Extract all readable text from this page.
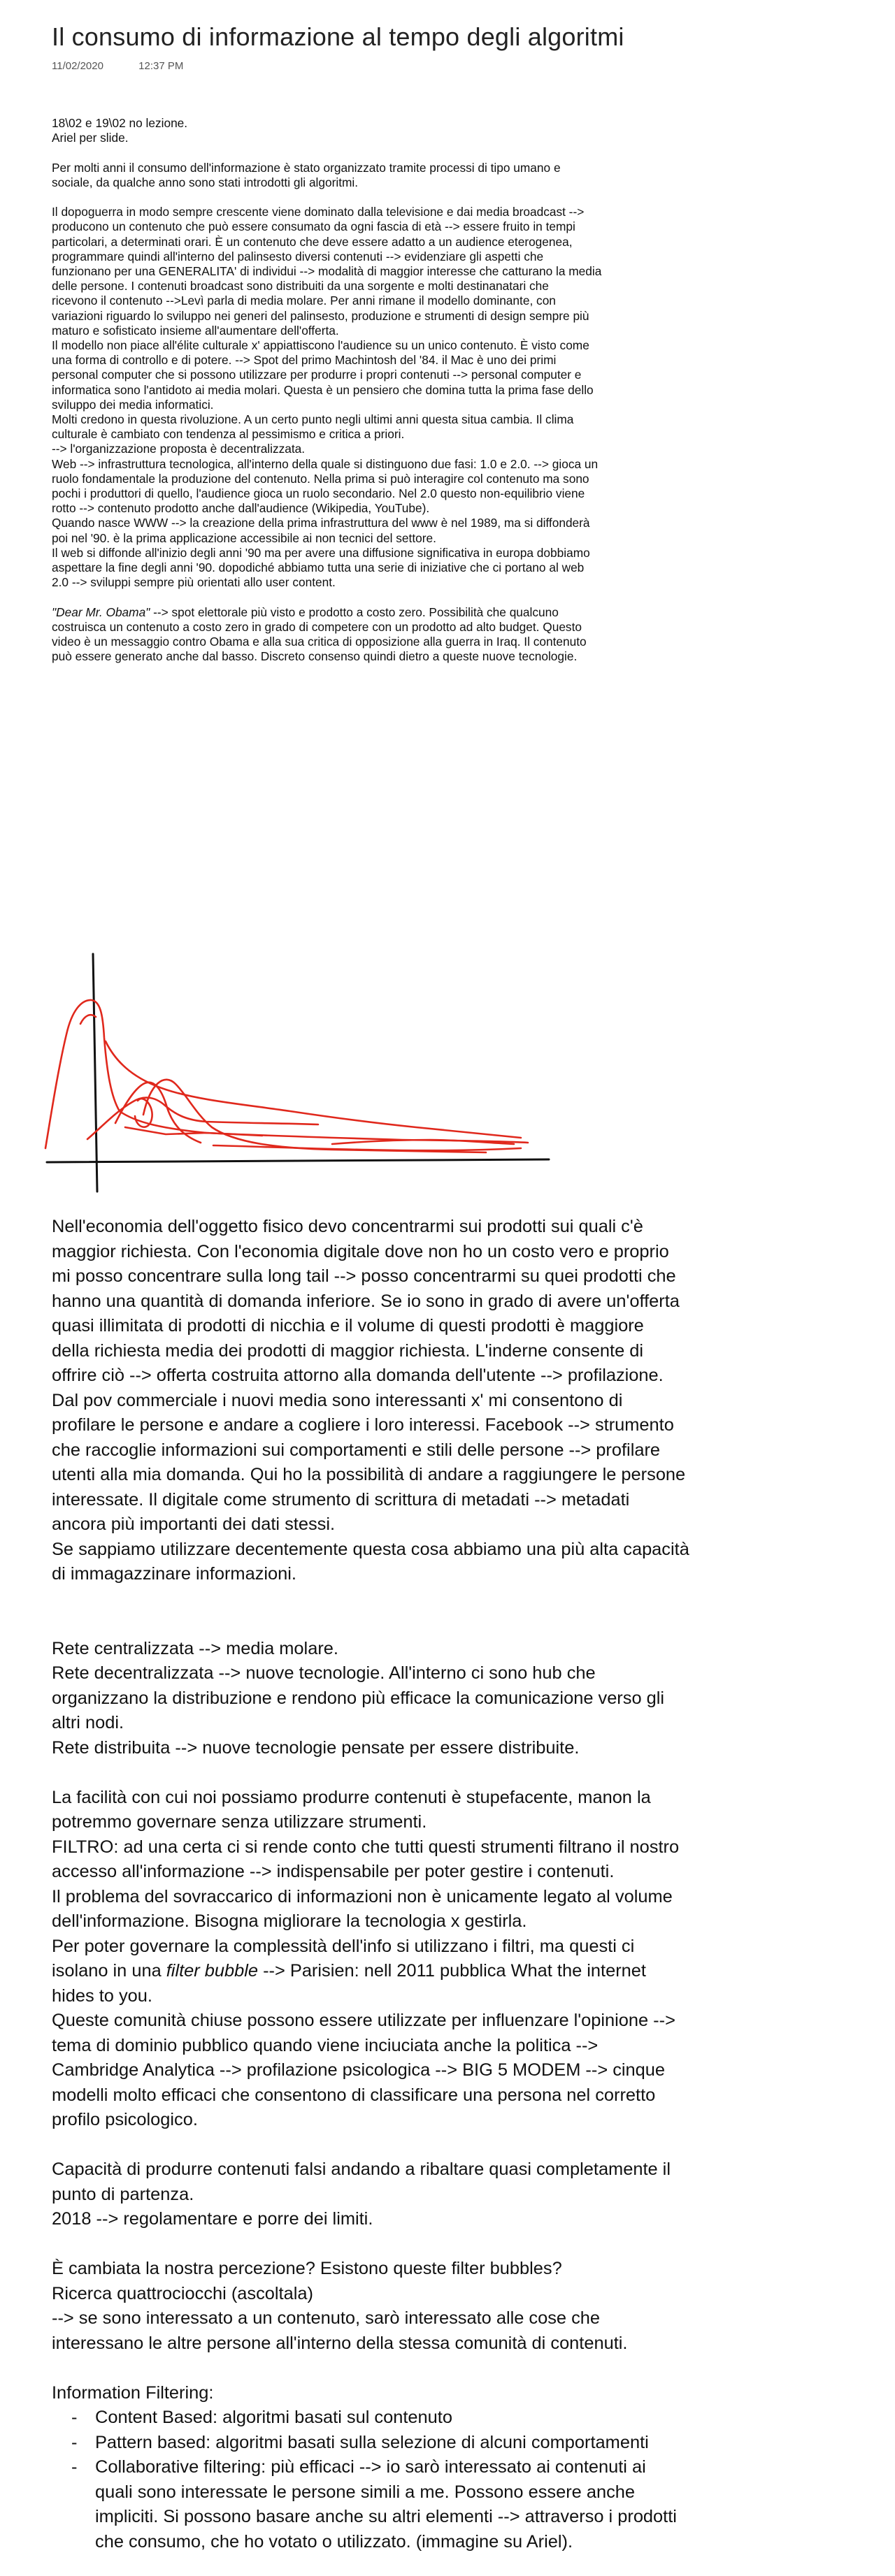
Il consumo di informazione al tempo degli algoritmi
11/02/2020	12:37 PM

18\02 e 19\02 no lezione.

Ariel per slide.

Per molti anni il consumo dell'informazione è stato organizzato tramite processi di tipo umano e

sociale, da qualche anno sono stati introdotti gli algoritmi.

Il dopoguerra in modo sempre crescente viene dominato dalla televisione e dai media broadcast -->

producono un contenuto che può essere consumato da ogni fascia di età --> essere fruito in tempi

particolari, a determinati orari. È un contenuto che deve essere adatto a un audience eterogenea,

programmare quindi all'interno del palinsesto diversi contenuti --> evidenziare gli aspetti che

funzionano per una GENERALITA' di individui --> modalità di maggior interesse che catturano la media

delle persone. I contenuti broadcast sono distribuiti da una sorgente e molti destinanatari che

ricevono il contenuto -->Levì parla di media molare. Per anni rimane il modello dominante, con

variazioni riguardo lo sviluppo nei generi del palinsesto, produzione e strumenti di design sempre più

maturo e sofisticato insieme all'aumentare dell'offerta.

Il modello non piace all'élite culturale x' appiattiscono l'audience su un unico contenuto. È visto come

una forma di controllo e di potere. --> Spot del primo Machintosh del '84. il Mac è uno dei primi

personal computer che si possono utilizzare per produrre i propri contenuti --> personal computer e

informatica sono l'antidoto ai media molari. Questa è un pensiero che domina tutta la prima fase dello

sviluppo dei media informatici.

Molti credono in questa rivoluzione. A un certo punto negli ultimi anni questa situa cambia. Il clima

culturale è cambiato con tendenza al pessimismo e critica a priori.

--> l'organizzazione proposta è decentralizzata.

Web --> infrastruttura tecnologica, all'interno della quale si distinguono due fasi: 1.0 e 2.0. --> gioca un

ruolo fondamentale la produzione del contenuto. Nella prima si può interagire col contenuto ma sono

pochi i produttori di quello, l'audience gioca un ruolo secondario. Nel 2.0 questo non-equilibrio viene

rotto --> contenuto prodotto anche dall'audience (Wikipedia, YouTube).

Quando nasce WWW --> la creazione della prima infrastruttura del www è nel 1989, ma si diffonderà

poi nel '90. è la prima applicazione accessibile ai non tecnici del settore.

Il web si diffonde all'inizio degli anni '90 ma per avere una diffusione significativa in europa dobbiamo

aspettare la fine degli anni '90. dopodiché abbiamo tutta una serie di iniziative che ci portano al web

2.0 --> sviluppi sempre più orientati allo user content.

"Dear Mr. Obama" --> spot elettorale più visto e prodotto a costo zero. Possibilità che qualcuno

costruisca un contenuto a costo zero in grado di competere con un prodotto ad alto budget. Questo

video è un messaggio contro Obama e alla sua critica di opposizione alla guerra in Iraq. Il contenuto

può essere generato anche dal basso. Discreto consenso quindi dietro a queste nuove tecnologie.

Nell'economia dell'oggetto fisico devo concentrarmi sui prodotti sui quali c'è

maggior richiesta. Con l'economia digitale dove non ho un costo vero e proprio

mi posso concentrare sulla long tail --> posso concentrarmi su quei prodotti che

hanno una quantità di domanda inferiore. Se io sono in grado di avere un'offerta

quasi illimitata di prodotti di nicchia e il volume di questi prodotti è maggiore

della richiesta media dei prodotti di maggior richiesta. L'inderne consente di

offrire ciò --> offerta costruita attorno alla domanda dell'utente --> profilazione.

Dal pov commerciale i nuovi media sono interessanti x' mi consentono di

profilare le persone e andare a cogliere i loro interessi. Facebook --> strumento

che raccoglie informazioni sui comportamenti e stili delle persone --> profilare

utenti alla mia domanda. Qui ho la possibilità di andare a raggiungere le persone

interessate. Il digitale come strumento di scrittura di metadati --> metadati

ancora più importanti dei dati stessi.

Se sappiamo utilizzare decentemente questa cosa abbiamo una più alta capacità

di immagazzinare informazioni.

Rete centralizzata --> media molare.

Rete decentralizzata --> nuove tecnologie. All'interno ci sono hub che

organizzano la distribuzione e rendono più efficace la comunicazione verso gli

altri nodi.

Rete distribuita --> nuove tecnologie pensate per essere distribuite.

La facilità con cui noi possiamo produrre contenuti è stupefacente, manon la

potremmo governare senza utilizzare strumenti.

FILTRO: ad una certa ci si rende conto che tutti questi strumenti filtrano il nostro

accesso all'informazione --> indispensabile per poter gestire i contenuti.

Il problema del sovraccarico di informazioni non è unicamente legato al volume

dell'informazione. Bisogna migliorare la tecnologia x gestirla.

Per poter governare la complessità dell'info si utilizzano i filtri, ma questi ci

isolano in una filter bubble --> Parisien: nell 2011 pubblica What the internet

hides to you.

Queste comunità chiuse possono essere utilizzate per influenzare l'opinione -->

tema di dominio pubblico quando viene inciuciata anche la politica -->

Cambridge Analytica --> profilazione psicologica --> BIG 5 MODEM --> cinque

modelli molto efficaci che consentono di classificare una persona nel corretto

profilo psicologico.

Capacità di produrre contenuti falsi andando a ribaltare quasi completamente il

punto di partenza.

2018 --> regolamentare e porre dei limiti.

È cambiata la nostra percezione? Esistono queste filter bubbles?

Ricerca quattrociocchi (ascoltala)

--> se sono interessato a un contenuto, sarò interessato alle cose che

interessano le altre persone all'interno della stessa comunità di contenuti.

Information Filtering:

- Content Based: algoritmi basati sul contenuto
- Pattern based: algoritmi basati sulla selezione di alcuni comportamenti
- Collaborative filtering: più efficaci --> io sarò interessato ai contenuti ai
quali sono interessate le persone simili a me. Possono essere anche
impliciti. Si possono basare anche su altri elementi --> attraverso i prodotti
che consumo, che ho votato o utilizzato. (immagine su Ariel).
